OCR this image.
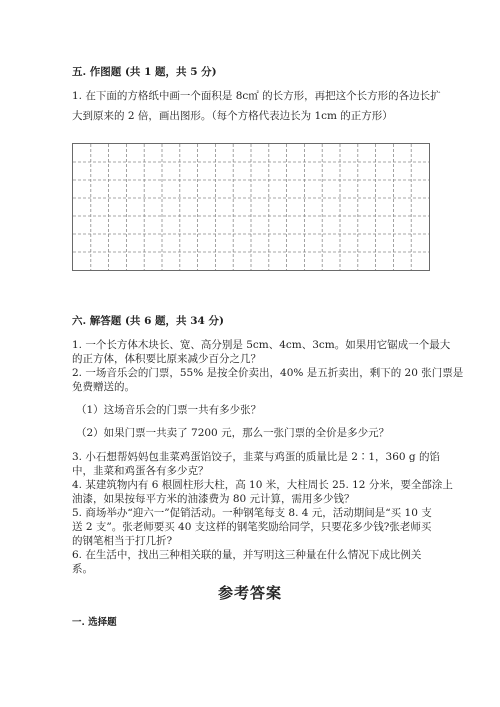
五. 作图题 (共 1 题，共 5 分)
1. 在下面的方格纸中画一个面积是 8c㎡ 的长方形，再把这个长方形的各边长扩
大到原来的 2 倍，画出图形。（每个方格代表边长为 1cm 的正方形）
六. 解答题 (共 6 题，共 34 分)
1. 一个长方体木块长、宽、高分别是 5cm、4cm、3cm。如果用它锯成一个最大
的正方体，体积要比原来减少百分之几？
2. 一场音乐会的门票，55% 是按全价卖出，40% 是五折卖出，剩下的 20 张门票是
免费赠送的。
（1）这场音乐会的门票一共有多少张？
（2）如果门票一共卖了 7200 元，那么一张门票的全价是多少元？
3. 小石想帮妈妈包韭菜鸡蛋馅饺子，韭菜与鸡蛋的质量比是 2∶1，360 g 的馅
中，韭菜和鸡蛋各有多少克？
4. 某建筑物内有 6 根圆柱形大柱，高 10 米，大柱周长 25. 12 分米，要全部涂上
油漆，如果按每平方米的油漆费为 80 元计算，需用多少钱？
5. 商场举办“迎六一”促销活动。一种钢笔每支 8. 4 元，活动期间是“买 10 支
送 2 支”。张老师要买 40 支这样的钢笔奖励给同学，只要花多少钱?张老师买
的钢笔相当于打几折?
6. 在生活中，找出三种相关联的量，并写明这三种量在什么情况下成比例关
系。
参考答案
一. 选择题
